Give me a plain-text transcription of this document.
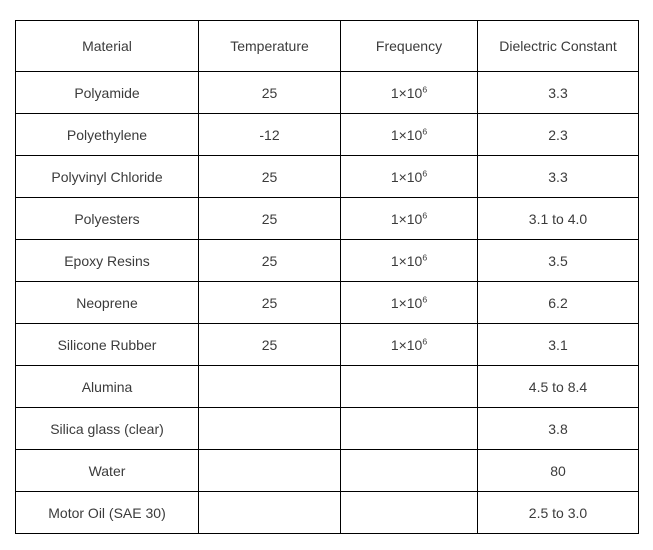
Material	Temperature	Frequency	Dielectric Constant
Polyamide	25	$1\times 10^6$	3.3
Polyethylene	-12	$1\times 10^6$	2.3
Polyvinyl Chloride	25	$1\times 10^6$	3.3
Polyesters	25	$1\times 10^6$	3.1 to 4.0
Epoxy Resins	25	$1\times 10^6$	3.5
Neoprene	25	$1\times 10^6$	6.2
Silicone Rubber	25	$1\times 10^6$	3.1
Alumina			4.5 to 8.4
Silica glass (clear)			3.8
Water			80
Motor Oil (SAE 30)			2.5 to 3.0
